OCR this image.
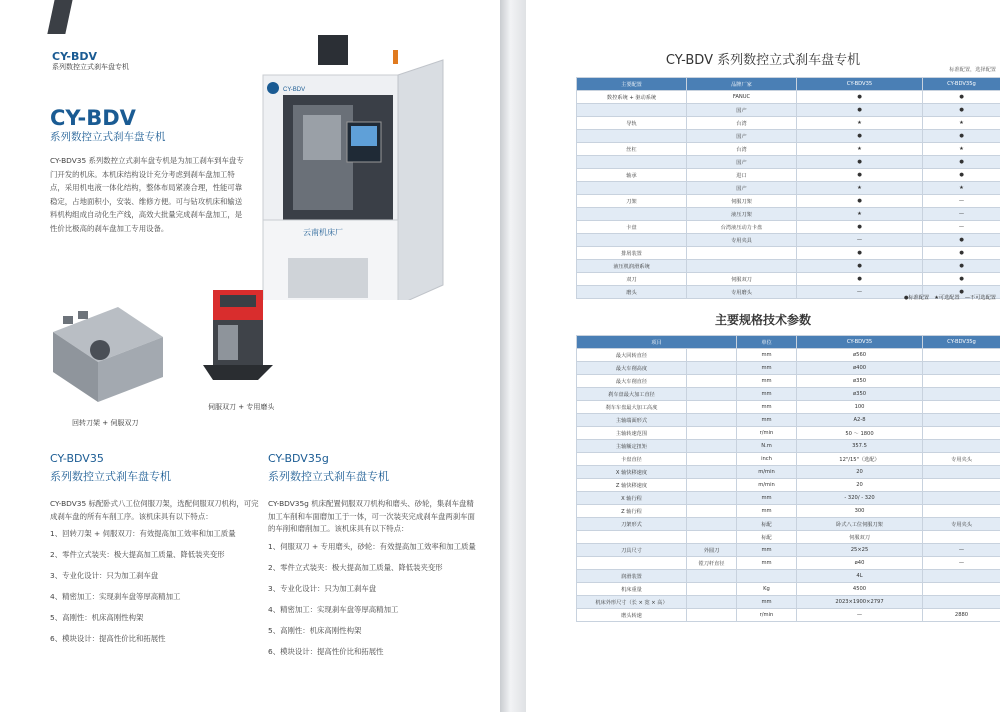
CY-BDV
系列数控立式刹车盘专机
CY-BDV
系列数控立式刹车盘专机
CY-BDV35 系列数控立式刹车盘专机是为加工刹车到车盘专门开发的机床。本机床结构设计充分考虑到刹车盘加工特点，采用机电液一体化结构，整体布局紧凑合理，性能可靠稳定，占地面积小，安装、维修方便。可与钻攻机床和输送料机构组成自动化生产线，高效大批量完成刹车盘加工，是性价比极高的刹车盘加工专用设备。
CY-BDV
云南机床厂
回转刀架 + 伺服双刀
伺服双刀 + 专用磨头
CY-BDV35
系列数控立式刹车盘专机
CY-BDV35 标配卧式八工位伺服刀架，选配伺服双刀机构，可完成刹车盘的所有车削工序。该机床具有以下特点：
1、回转刀架 + 伺服双刀：有效提高加工效率和加工质量
2、零件立式装夹：极大提高加工质量、降低装夹变形
3、专业化设计：只为加工刹车盘
4、精密加工：实现刹车盘等厚高精加工
5、高刚性：机床高刚性构架
6、模块设计：提高性价比和拓展性
CY-BDV35g
系列数控立式刹车盘专机
CY-BDV35g 机床配置伺服双刀机构和磨头、砂轮，集刹车盘精加工车削和车面磨加工于一体，可一次装夹完成刹车盘两刹车面的车削和磨削加工。该机床具有以下特点：
1、伺服双刀 + 专用磨头，砂轮：有效提高加工效率和加工质量
2、零件立式装夹：极大提高加工质量、降低装夹变形
3、专业化设计：只为加工刹车盘
4、精密加工：实现刹车盘等厚高精加工
5、高刚性：机床高刚性构架
6、模块设计：提高性价比和拓展性
CY-BDV 系列数控立式刹车盘专机
标准配置，选择配置
主要配置	品牌厂家	CY-BDV35	CY-BDV35g
数控系统 + 驱动系统	FANUC	●	●
	国产	●	●
导轨	台湾	★	★
	国产	●	●
丝杠	台湾	★	★
	国产	●	●
轴承	进口	●	●
	国产	★	★
刀架	伺服刀架	●	—
	液压刀架	★	—
卡盘	台湾液压动力卡盘	●	—
	专用夹具	—	●
排屑装置		●	●
液压机润滑系统		●	●
双刀	伺服双刀	●	●
磨头	专用磨头	—	●
●标准配置　★可选配置　—不可选配置
主要规格技术参数
项目		单位	CY-BDV35	CY-BDV35g
最大回转直径		mm	ø560	
最大车削高度		mm	ø400	
最大车削直径		mm	ø350	
刹车盘最大加工直径		mm	ø350	
刹车车盘最大加工高度		mm	100	
主轴端面形式		mm	A2-8	
主轴转速范围		r/min	50 ～ 1800	
主轴额定扭矩		N.m	357.5	
卡盘直径		inch	12"/15"（选配）	专用夹头
X 轴快移速度		m/min	20	
Z 轴快移速度		m/min	20	
X 轴行程		mm	- 320/ - 320	
Z 轴行程		mm	300	
刀架形式		标配	卧式八工位伺服刀架	专用夹头
		标配	伺服双刀	
刀具尺寸	外圆刀	mm	25×25	—
	镗刀杆直径	mm	ø40	—
润滑装置			4L	
机床重量		Kg	4500	
机床外形尺寸（长 × 宽 × 高）		mm	2023×1900×2797	
磨头转速		r/min	—	2880
